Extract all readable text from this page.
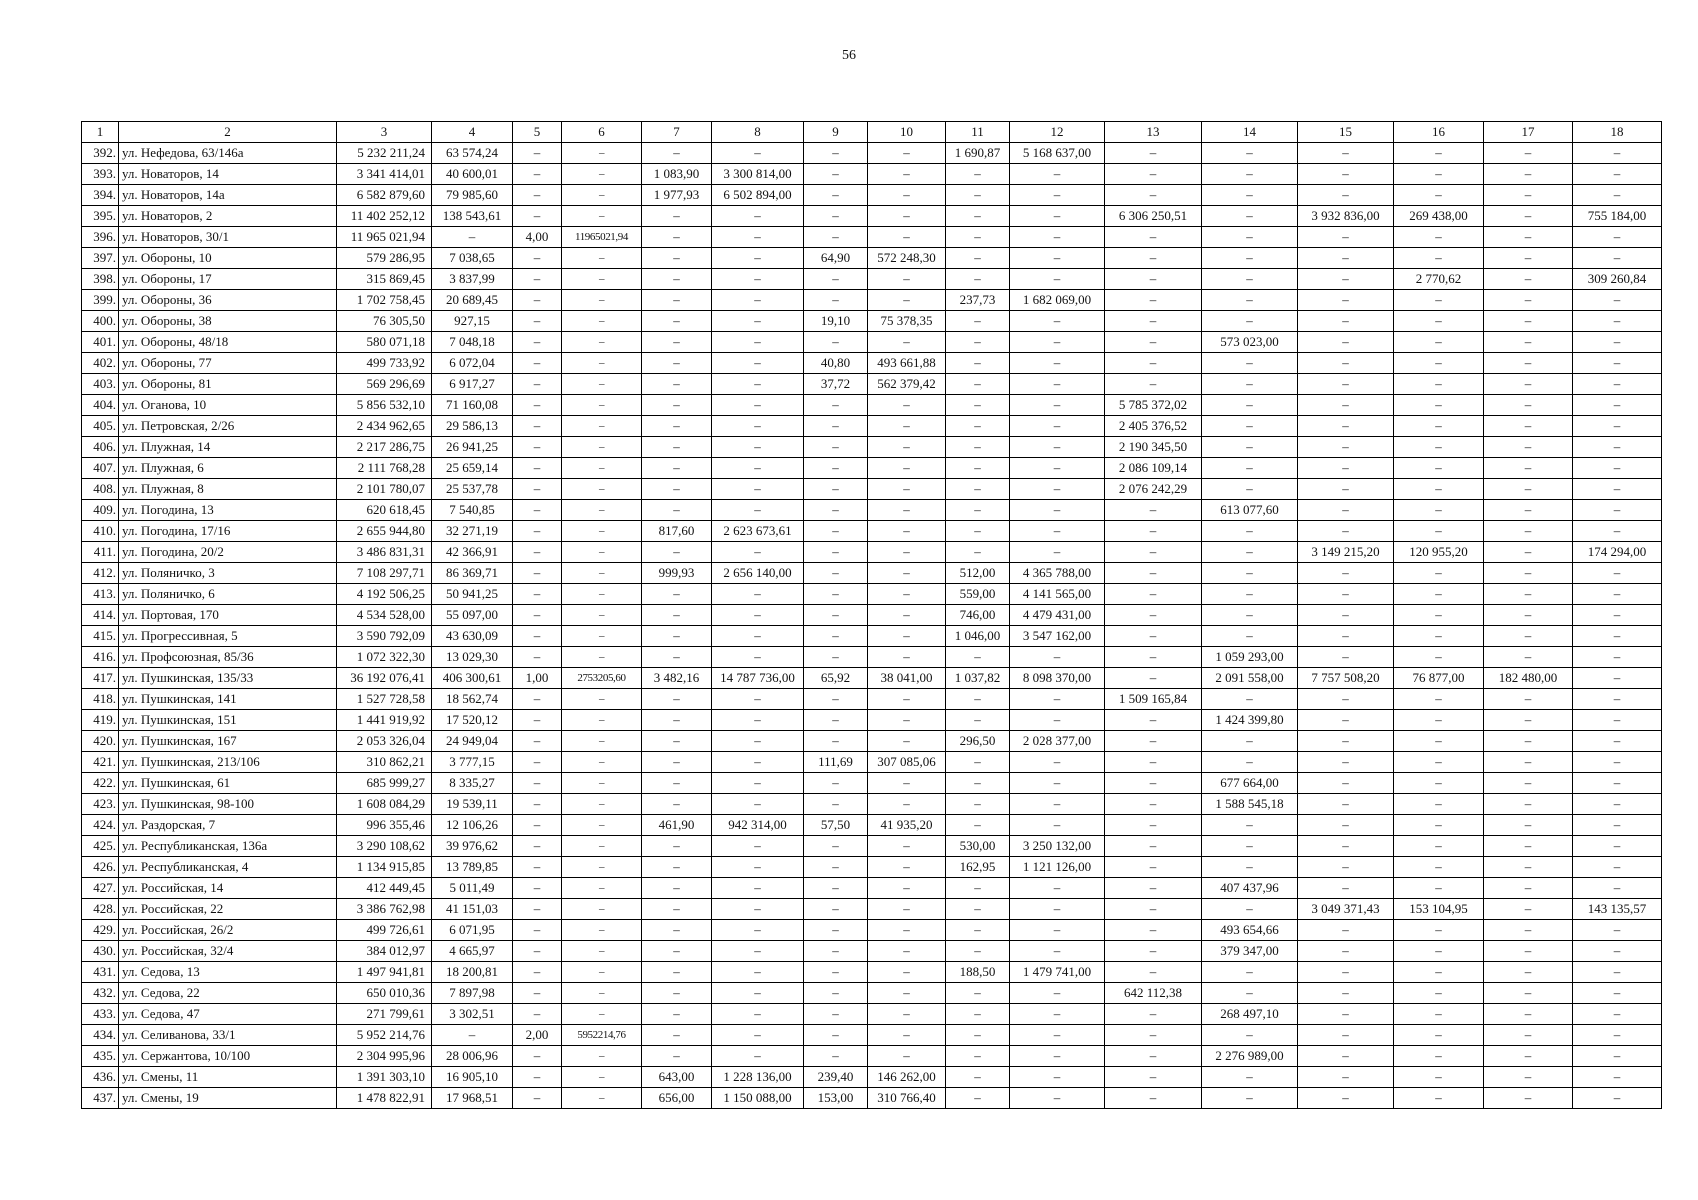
56
1	2	3	4	5	6	7	8	9	10	11	12	13	14	15	16	17	18
392.	ул. Нефедова, 63/146а	5 232 211,24	63 574,24	–	–	–	–	–	–	1 690,87	5 168 637,00	–	–	–	–	–	–
393.	ул. Новаторов, 14	3 341 414,01	40 600,01	–	–	1 083,90	3 300 814,00	–	–	–	–	–	–	–	–	–	–
394.	ул. Новаторов, 14а	6 582 879,60	79 985,60	–	–	1 977,93	6 502 894,00	–	–	–	–	–	–	–	–	–	–
395.	ул. Новаторов, 2	11 402 252,12	138 543,61	–	–	–	–	–	–	–	–	6 306 250,51	–	3 932 836,00	269 438,00	–	755 184,00
396.	ул. Новаторов, 30/1	11 965 021,94	–	4,00	11965021,94	–	–	–	–	–	–	–	–	–	–	–	–
397.	ул. Обороны, 10	579 286,95	7 038,65	–	–	–	–	64,90	572 248,30	–	–	–	–	–	–	–	–
398.	ул. Обороны, 17	315 869,45	3 837,99	–	–	–	–	–	–	–	–	–	–	–	2 770,62	–	309 260,84
399.	ул. Обороны, 36	1 702 758,45	20 689,45	–	–	–	–	–	–	237,73	1 682 069,00	–	–	–	–	–	–
400.	ул. Обороны, 38	76 305,50	927,15	–	–	–	–	19,10	75 378,35	–	–	–	–	–	–	–	–
401.	ул. Обороны, 48/18	580 071,18	7 048,18	–	–	–	–	–	–	–	–	–	573 023,00	–	–	–	–
402.	ул. Обороны, 77	499 733,92	6 072,04	–	–	–	–	40,80	493 661,88	–	–	–	–	–	–	–	–
403.	ул. Обороны, 81	569 296,69	6 917,27	–	–	–	–	37,72	562 379,42	–	–	–	–	–	–	–	–
404.	ул. Оганова, 10	5 856 532,10	71 160,08	–	–	–	–	–	–	–	–	5 785 372,02	–	–	–	–	–
405.	ул. Петровская, 2/26	2 434 962,65	29 586,13	–	–	–	–	–	–	–	–	2 405 376,52	–	–	–	–	–
406.	ул. Плужная, 14	2 217 286,75	26 941,25	–	–	–	–	–	–	–	–	2 190 345,50	–	–	–	–	–
407.	ул. Плужная, 6	2 111 768,28	25 659,14	–	–	–	–	–	–	–	–	2 086 109,14	–	–	–	–	–
408.	ул. Плужная, 8	2 101 780,07	25 537,78	–	–	–	–	–	–	–	–	2 076 242,29	–	–	–	–	–
409.	ул. Погодина, 13	620 618,45	7 540,85	–	–	–	–	–	–	–	–	–	613 077,60	–	–	–	–
410.	ул. Погодина, 17/16	2 655 944,80	32 271,19	–	–	817,60	2 623 673,61	–	–	–	–	–	–	–	–	–	–
411.	ул. Погодина, 20/2	3 486 831,31	42 366,91	–	–	–	–	–	–	–	–	–	–	3 149 215,20	120 955,20	–	174 294,00
412.	ул. Поляничко, 3	7 108 297,71	86 369,71	–	–	999,93	2 656 140,00	–	–	512,00	4 365 788,00	–	–	–	–	–	–
413.	ул. Поляничко, 6	4 192 506,25	50 941,25	–	–	–	–	–	–	559,00	4 141 565,00	–	–	–	–	–	–
414.	ул. Портовая, 170	4 534 528,00	55 097,00	–	–	–	–	–	–	746,00	4 479 431,00	–	–	–	–	–	–
415.	ул. Прогрессивная, 5	3 590 792,09	43 630,09	–	–	–	–	–	–	1 046,00	3 547 162,00	–	–	–	–	–	–
416.	ул. Профсоюзная, 85/36	1 072 322,30	13 029,30	–	–	–	–	–	–	–	–	–	1 059 293,00	–	–	–	–
417.	ул. Пушкинская, 135/33	36 192 076,41	406 300,61	1,00	2753205,60	3 482,16	14 787 736,00	65,92	38 041,00	1 037,82	8 098 370,00	–	2 091 558,00	7 757 508,20	76 877,00	182 480,00	–
418.	ул. Пушкинская, 141	1 527 728,58	18 562,74	–	–	–	–	–	–	–	–	1 509 165,84	–	–	–	–	–
419.	ул. Пушкинская, 151	1 441 919,92	17 520,12	–	–	–	–	–	–	–	–	–	1 424 399,80	–	–	–	–
420.	ул. Пушкинская, 167	2 053 326,04	24 949,04	–	–	–	–	–	–	296,50	2 028 377,00	–	–	–	–	–	–
421.	ул. Пушкинская, 213/106	310 862,21	3 777,15	–	–	–	–	111,69	307 085,06	–	–	–	–	–	–	–	–
422.	ул. Пушкинская, 61	685 999,27	8 335,27	–	–	–	–	–	–	–	–	–	677 664,00	–	–	–	–
423.	ул. Пушкинская, 98-100	1 608 084,29	19 539,11	–	–	–	–	–	–	–	–	–	1 588 545,18	–	–	–	–
424.	ул. Раздорская, 7	996 355,46	12 106,26	–	–	461,90	942 314,00	57,50	41 935,20	–	–	–	–	–	–	–	–
425.	ул. Республиканская, 136а	3 290 108,62	39 976,62	–	–	–	–	–	–	530,00	3 250 132,00	–	–	–	–	–	–
426.	ул. Республиканская, 4	1 134 915,85	13 789,85	–	–	–	–	–	–	162,95	1 121 126,00	–	–	–	–	–	–
427.	ул. Российская, 14	412 449,45	5 011,49	–	–	–	–	–	–	–	–	–	407 437,96	–	–	–	–
428.	ул. Российская, 22	3 386 762,98	41 151,03	–	–	–	–	–	–	–	–	–	–	3 049 371,43	153 104,95	–	143 135,57
429.	ул. Российская, 26/2	499 726,61	6 071,95	–	–	–	–	–	–	–	–	–	493 654,66	–	–	–	–
430.	ул. Российская, 32/4	384 012,97	4 665,97	–	–	–	–	–	–	–	–	–	379 347,00	–	–	–	–
431.	ул. Седова, 13	1 497 941,81	18 200,81	–	–	–	–	–	–	188,50	1 479 741,00	–	–	–	–	–	–
432.	ул. Седова, 22	650 010,36	7 897,98	–	–	–	–	–	–	–	–	642 112,38	–	–	–	–	–
433.	ул. Седова, 47	271 799,61	3 302,51	–	–	–	–	–	–	–	–	–	268 497,10	–	–	–	–
434.	ул. Селиванова, 33/1	5 952 214,76	–	2,00	5952214,76	–	–	–	–	–	–	–	–	–	–	–	–
435.	ул. Сержантова, 10/100	2 304 995,96	28 006,96	–	–	–	–	–	–	–	–	–	2 276 989,00	–	–	–	–
436.	ул. Смены, 11	1 391 303,10	16 905,10	–	–	643,00	1 228 136,00	239,40	146 262,00	–	–	–	–	–	–	–	–
437.	ул. Смены, 19	1 478 822,91	17 968,51	–	–	656,00	1 150 088,00	153,00	310 766,40	–	–	–	–	–	–	–	–
